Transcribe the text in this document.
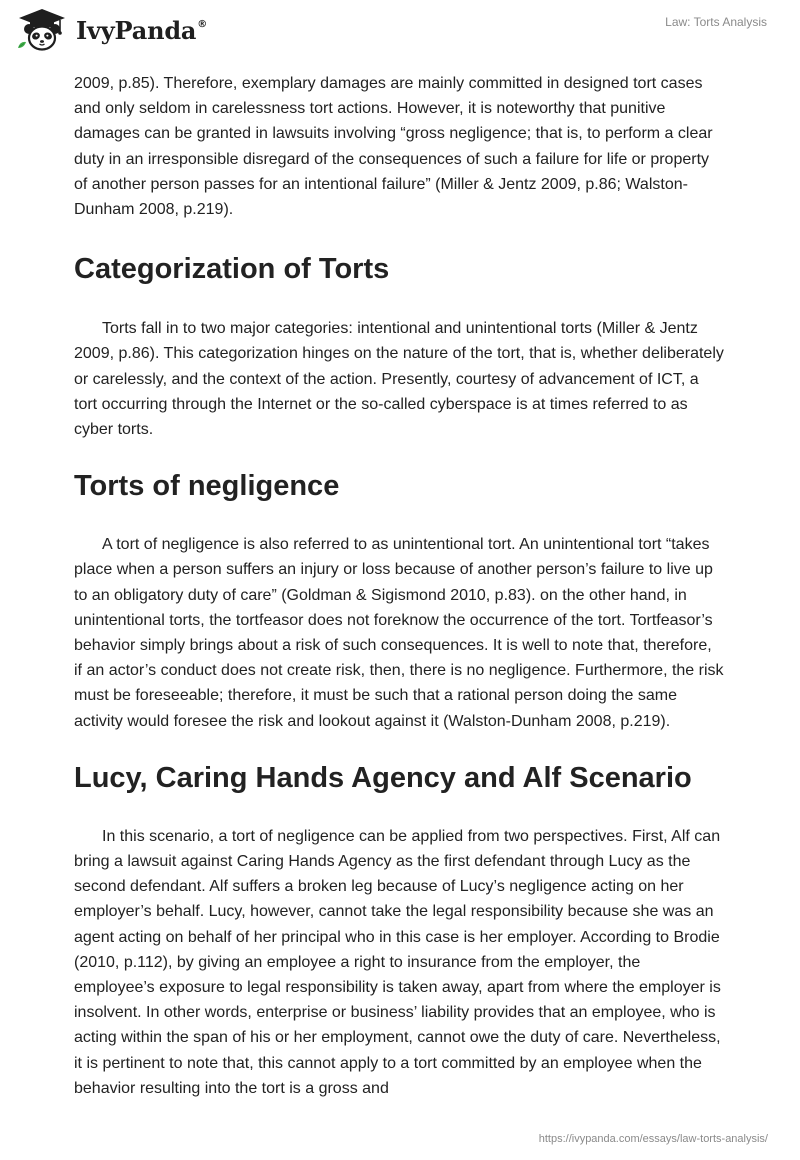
IvyPanda®	Law: Torts Analysis

2009, p.85). Therefore, exemplary damages are mainly committed in designed tort cases and only seldom in carelessness tort actions. However, it is noteworthy that punitive damages can be granted in lawsuits involving “gross negligence; that is, to perform a clear duty in an irresponsible disregard of the consequences of such a failure for life or property of another person passes for an intentional failure” (Miller & Jentz 2009, p.86; Walston-Dunham 2008, p.219).

Categorization of Torts

Torts fall in to two major categories: intentional and unintentional torts (Miller & Jentz 2009, p.86). This categorization hinges on the nature of the tort, that is, whether deliberately or carelessly, and the context of the action. Presently, courtesy of advancement of ICT, a tort occurring through the Internet or the so-called cyberspace is at times referred to as cyber torts.

Torts of negligence

A tort of negligence is also referred to as unintentional tort. An unintentional tort “takes place when a person suffers an injury or loss because of another person’s failure to live up to an obligatory duty of care” (Goldman & Sigismond 2010, p.83). on the other hand, in unintentional torts, the tortfeasor does not foreknow the occurrence of the tort. Tortfeasor’s behavior simply brings about a risk of such consequences. It is well to note that, therefore, if an actor’s conduct does not create risk, then, there is no negligence. Furthermore, the risk must be foreseeable; therefore, it must be such that a rational person doing the same activity would foresee the risk and lookout against it (Walston-Dunham 2008, p.219).

Lucy, Caring Hands Agency and Alf Scenario

In this scenario, a tort of negligence can be applied from two perspectives. First, Alf can bring a lawsuit against Caring Hands Agency as the first defendant through Lucy as the second defendant. Alf suffers a broken leg because of Lucy’s negligence acting on her employer’s behalf. Lucy, however, cannot take the legal responsibility because she was an agent acting on behalf of her principal who in this case is her employer. According to Brodie (2010, p.112), by giving an employee a right to insurance from the employer, the employee’s exposure to legal responsibility is taken away, apart from where the employer is insolvent. In other words, enterprise or business’ liability provides that an employee, who is acting within the span of his or her employment, cannot owe the duty of care. Nevertheless, it is pertinent to note that, this cannot apply to a tort committed by an employee when the behavior resulting into the tort is a gross and

https://ivypanda.com/essays/law-torts-analysis/
